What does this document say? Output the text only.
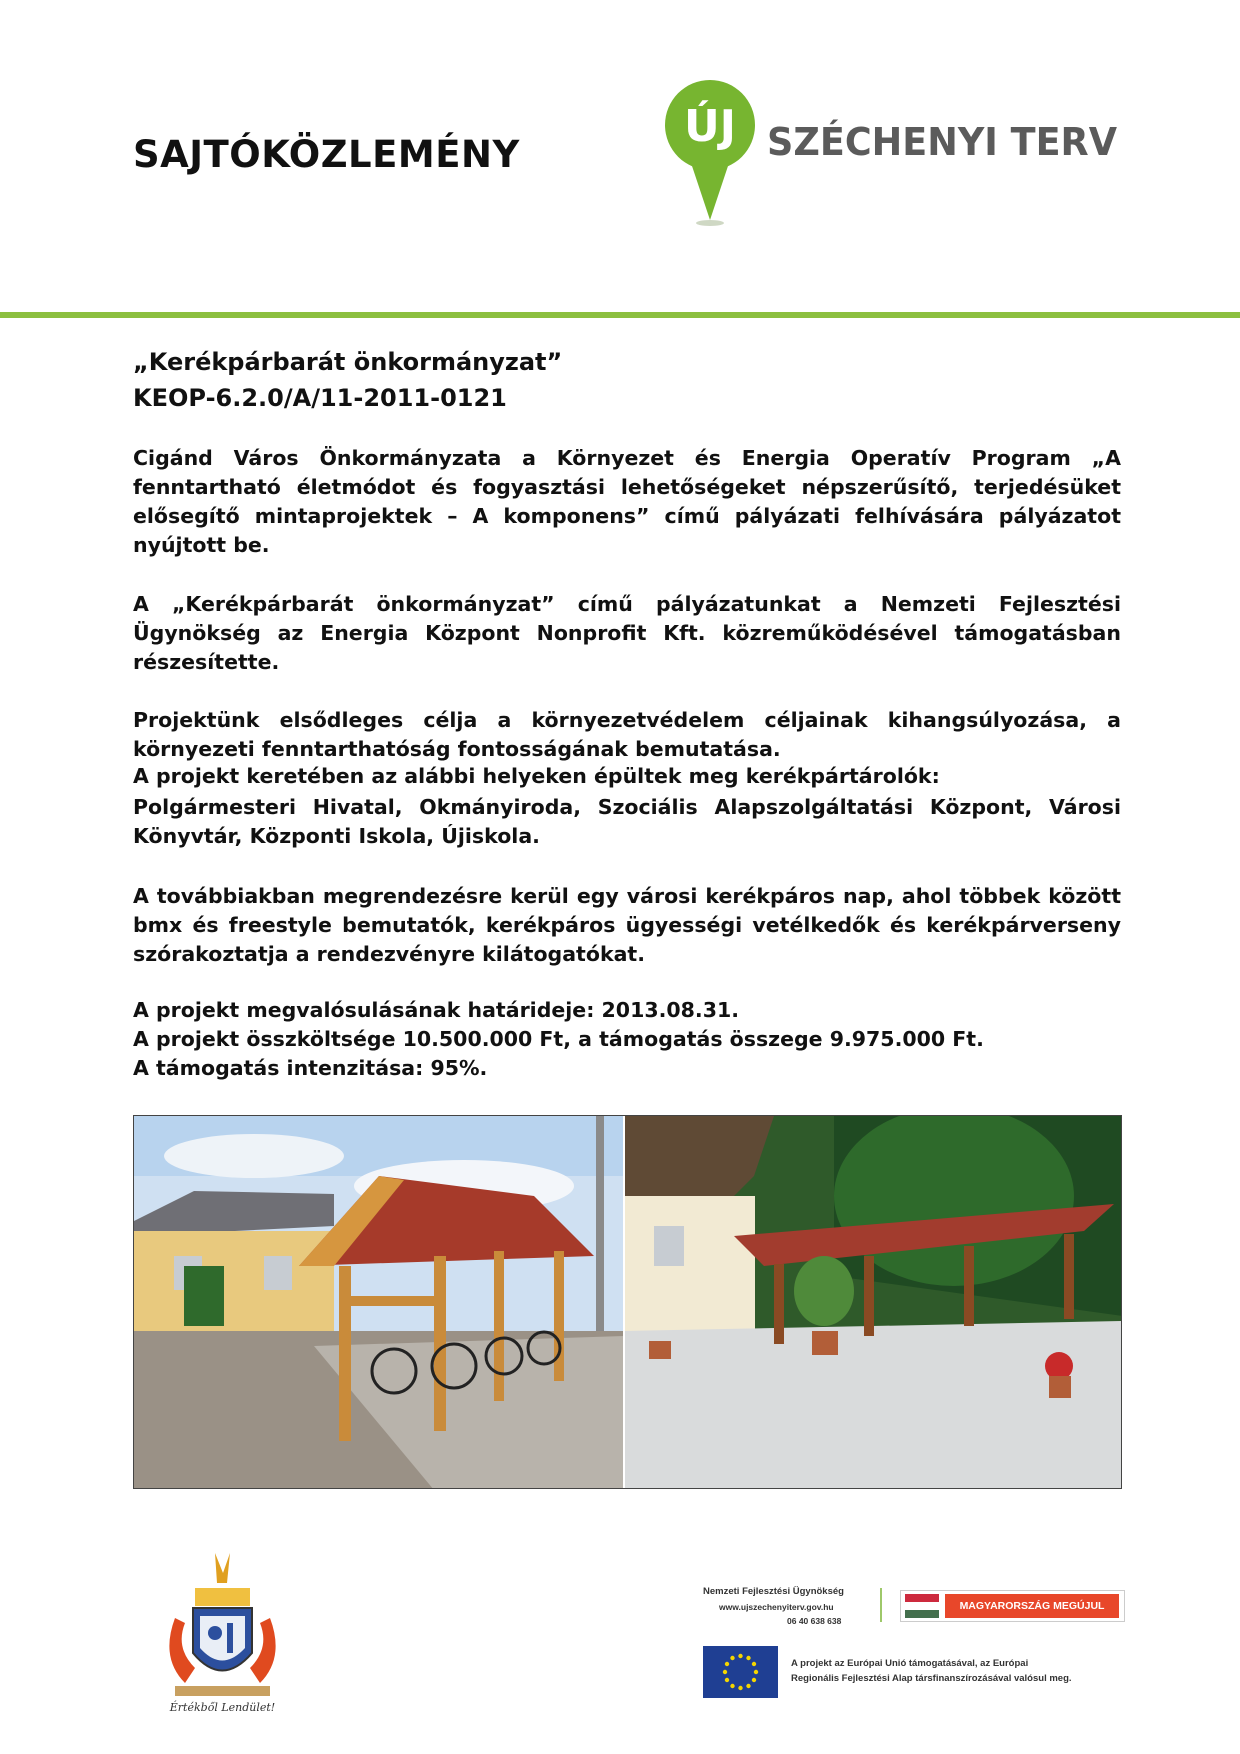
SAJTÓKÖZLEMÉNY
ÚJ SZÉCHENYI TERV
„Kerékpárbarát önkormányzat”
KEOP-6.2.0/A/11-2011-0121
Cigánd Város Önkormányzata a Környezet és Energia Operatív Program „A fenntartható életmódot és fogyasztási lehetőségeket népszerűsítő, terjedésüket elősegítő mintaprojektek – A komponens” című pályázati felhívására pályázatot nyújtott be.
A „Kerékpárbarát önkormányzat” című pályázatunkat a Nemzeti Fejlesztési Ügynökség az Energia Központ Nonprofit Kft. közreműködésével támogatásban részesítette.
Projektünk elsődleges célja a környezetvédelem céljainak kihangsúlyozása, a környezeti fenntarthatóság fontosságának bemutatása.
A projekt keretében az alábbi helyeken épültek meg kerékpártárolók:
Polgármesteri Hivatal, Okmányiroda, Szociális Alapszolgáltatási Központ, Városi Könyvtár, Központi Iskola, Újiskola.
A továbbiakban megrendezésre kerül egy városi kerékpáros nap, ahol többek között bmx és freestyle bemutatók, kerékpáros ügyességi vetélkedők és kerékpárverseny szórakoztatja a rendezvényre kilátogatókat.
A projekt megvalósulásának határideje: 2013.08.31.
A projekt összköltsége 10.500.000 Ft, a támogatás összege 9.975.000 Ft.
A támogatás intenzitása: 95%.
Értékből Lendület!
Nemzeti Fejlesztési Ügynökség
www.ujszechenyiterv.gov.hu
06 40 638 638
MAGYARORSZÁG MEGÚJUL
A projekt az Európai Unió támogatásával, az Európai
Regionális Fejlesztési Alap társfinanszírozásával valósul meg.
